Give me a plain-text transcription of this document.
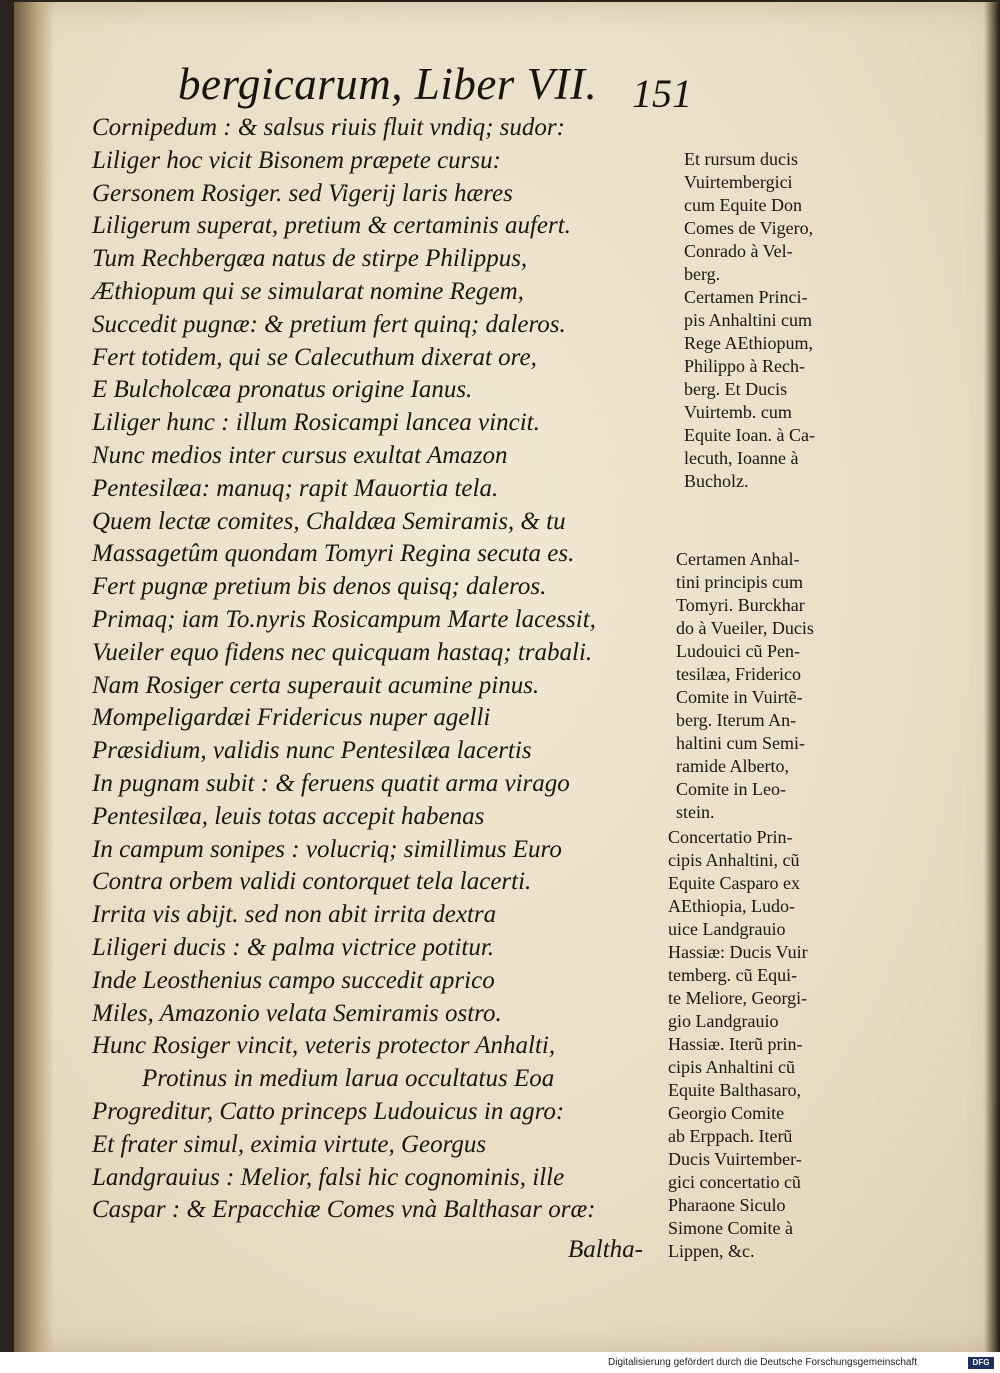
bergicarum, Liber VII. 151
Cornipedum : & salsus riuis fluit vndiq; sudor:
Liliger hoc vicit Bisonem præpete cursu:
Gersonem Rosiger. sed Vigerij laris hæres
Liligerum superat, pretium & certaminis aufert.
Tum Rechbergæa natus de stirpe Philippus,
Æthiopum qui se simularat nomine Regem,
Succedit pugnæ: & pretium fert quinq; daleros.
Fert totidem, qui se Calecuthum dixerat ore,
E Bulcholcæa pronatus origine Ianus.
Liliger hunc : illum Rosicampi lancea vincit.
Nunc medios inter cursus exultat Amazon
Pentesilæa: manuq; rapit Mauortia tela.
Quem lectæ comites, Chaldæa Semiramis, & tu
Massagetûm quondam Tomyri Regina secuta es.
Fert pugnæ pretium bis denos quisq; daleros.
Primaq; iam To.nyris Rosicampum Marte lacessit,
Vueiler equo fidens nec quicquam hastaq; trabali.
Nam Rosiger certa superauit acumine pinus.
Mompeligardæi Fridericus nuper agelli
Præsidium, validis nunc Pentesilæa lacertis
In pugnam subit : & feruens quatit arma virago
Pentesilæa, leuis totas accepit habenas
In campum sonipes : volucriq; simillimus Euro
Contra orbem validi contorquet tela lacerti.
Irrita vis abijt. sed non abit irrita dextra
Liligeri ducis : & palma victrice potitur.
Inde Leosthenius campo succedit aprico
Miles, Amazonio velata Semiramis ostro.
Hunc Rosiger vincit, veteris protector Anhalti,
Protinus in medium larua occultatus Eoa
Progreditur, Catto princeps Ludouicus in agro:
Et frater simul, eximia virtute, Georgus
Landgrauius : Melior, falsi hic cognominis, ille
Caspar : & Erpacchiæ Comes vnà Balthasar oræ:
Baltha-
Et rursum ducis
Vuirtembergici
cum Equite Don
Comes de Vigero,
Conrado à Vel-
berg.
Certamen Princi-
pis Anhaltini cum
Rege AEthiopum,
Philippo à Rech-
berg. Et Ducis
Vuirtemb. cum
Equite Ioan. à Ca-
lecuth, Ioanne à
Bucholz.
Certamen Anhal-
tini principis cum
Tomyri. Burckhar
do à Vueiler, Ducis
Ludouici cũ Pen-
tesilæa, Friderico
Comite in Vuirtẽ-
berg. Iterum An-
haltini cum Semi-
ramide Alberto,
Comite in Leo-
stein.
Concertatio Prin-
cipis Anhaltini, cũ
Equite Casparo ex
AEthiopia, Ludo-
uice Landgrauio
Hassiæ: Ducis Vuir
temberg. cũ Equi-
te Meliore, Georgi-
gio Landgrauio
Hassiæ. Iterũ prin-
cipis Anhaltini cũ
Equite Balthasaro,
Georgio Comite
ab Erppach. Iterũ
Ducis Vuirtember-
gici concertatio cũ
Pharaone Siculo
Simone Comite à
Lippen, &c.
Digitalisierung gefördert durch die Deutsche Forschungsgemeinschaft	DFG
